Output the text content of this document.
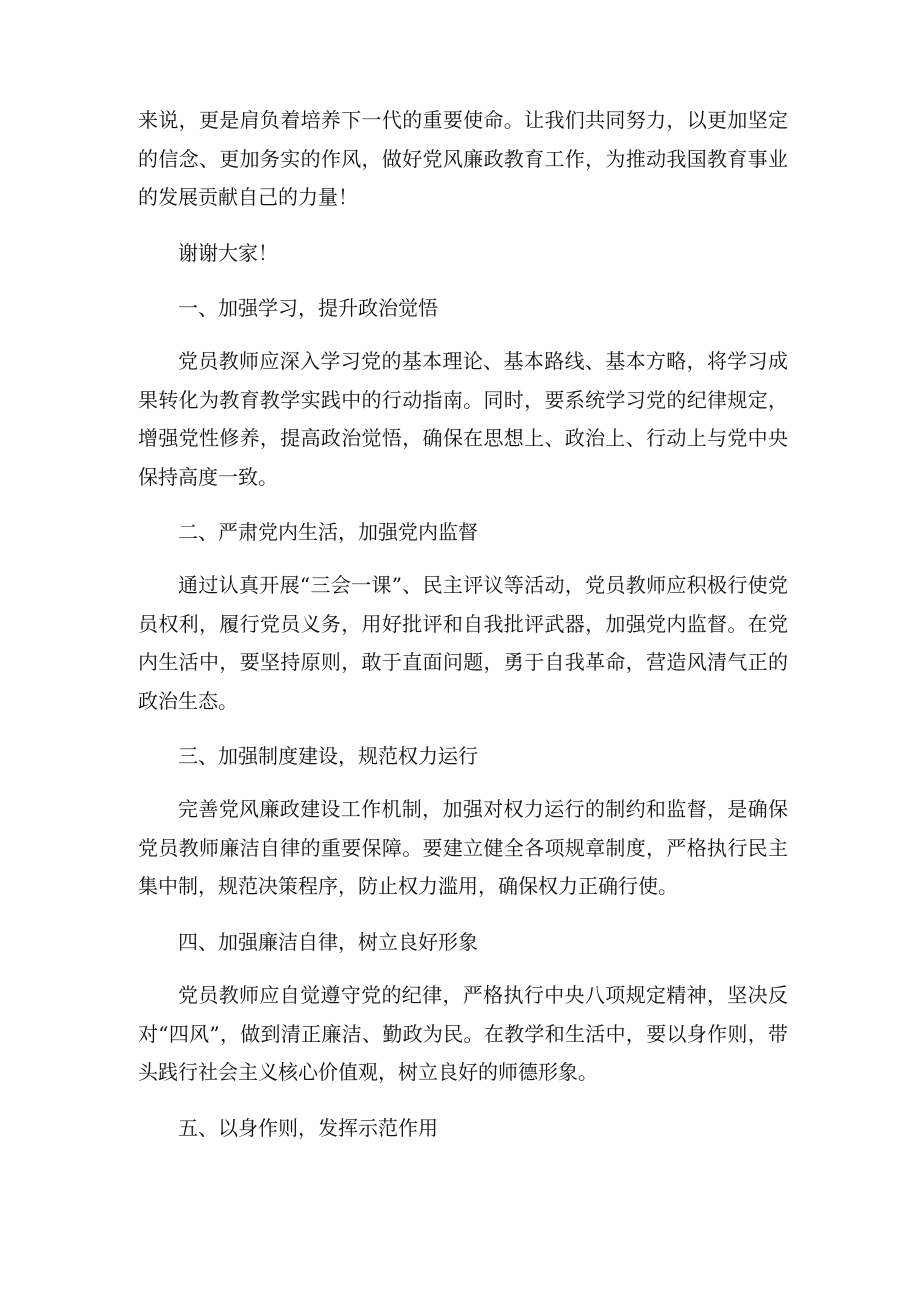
来说，更是肩负着培养下一代的重要使命。让我们共同努力，以更加坚定的信念、更加务实的作风，做好党风廉政教育工作，为推动我国教育事业的发展贡献自己的力量！

谢谢大家！

一、加强学习，提升政治觉悟

党员教师应深入学习党的基本理论、基本路线、基本方略，将学习成果转化为教育教学实践中的行动指南。同时，要系统学习党的纪律规定，增强党性修养，提高政治觉悟，确保在思想上、政治上、行动上与党中央保持高度一致。

二、严肃党内生活，加强党内监督

通过认真开展“三会一课”、民主评议等活动，党员教师应积极行使党员权利，履行党员义务，用好批评和自我批评武器，加强党内监督。在党内生活中，要坚持原则，敢于直面问题，勇于自我革命，营造风清气正的政治生态。

三、加强制度建设，规范权力运行

完善党风廉政建设工作机制，加强对权力运行的制约和监督，是确保党员教师廉洁自律的重要保障。要建立健全各项规章制度，严格执行民主集中制，规范决策程序，防止权力滥用，确保权力正确行使。

四、加强廉洁自律，树立良好形象

党员教师应自觉遵守党的纪律，严格执行中央八项规定精神，坚决反对“四风”，做到清正廉洁、勤政为民。在教学和生活中，要以身作则，带头践行社会主义核心价值观，树立良好的师德形象。

五、以身作则，发挥示范作用
